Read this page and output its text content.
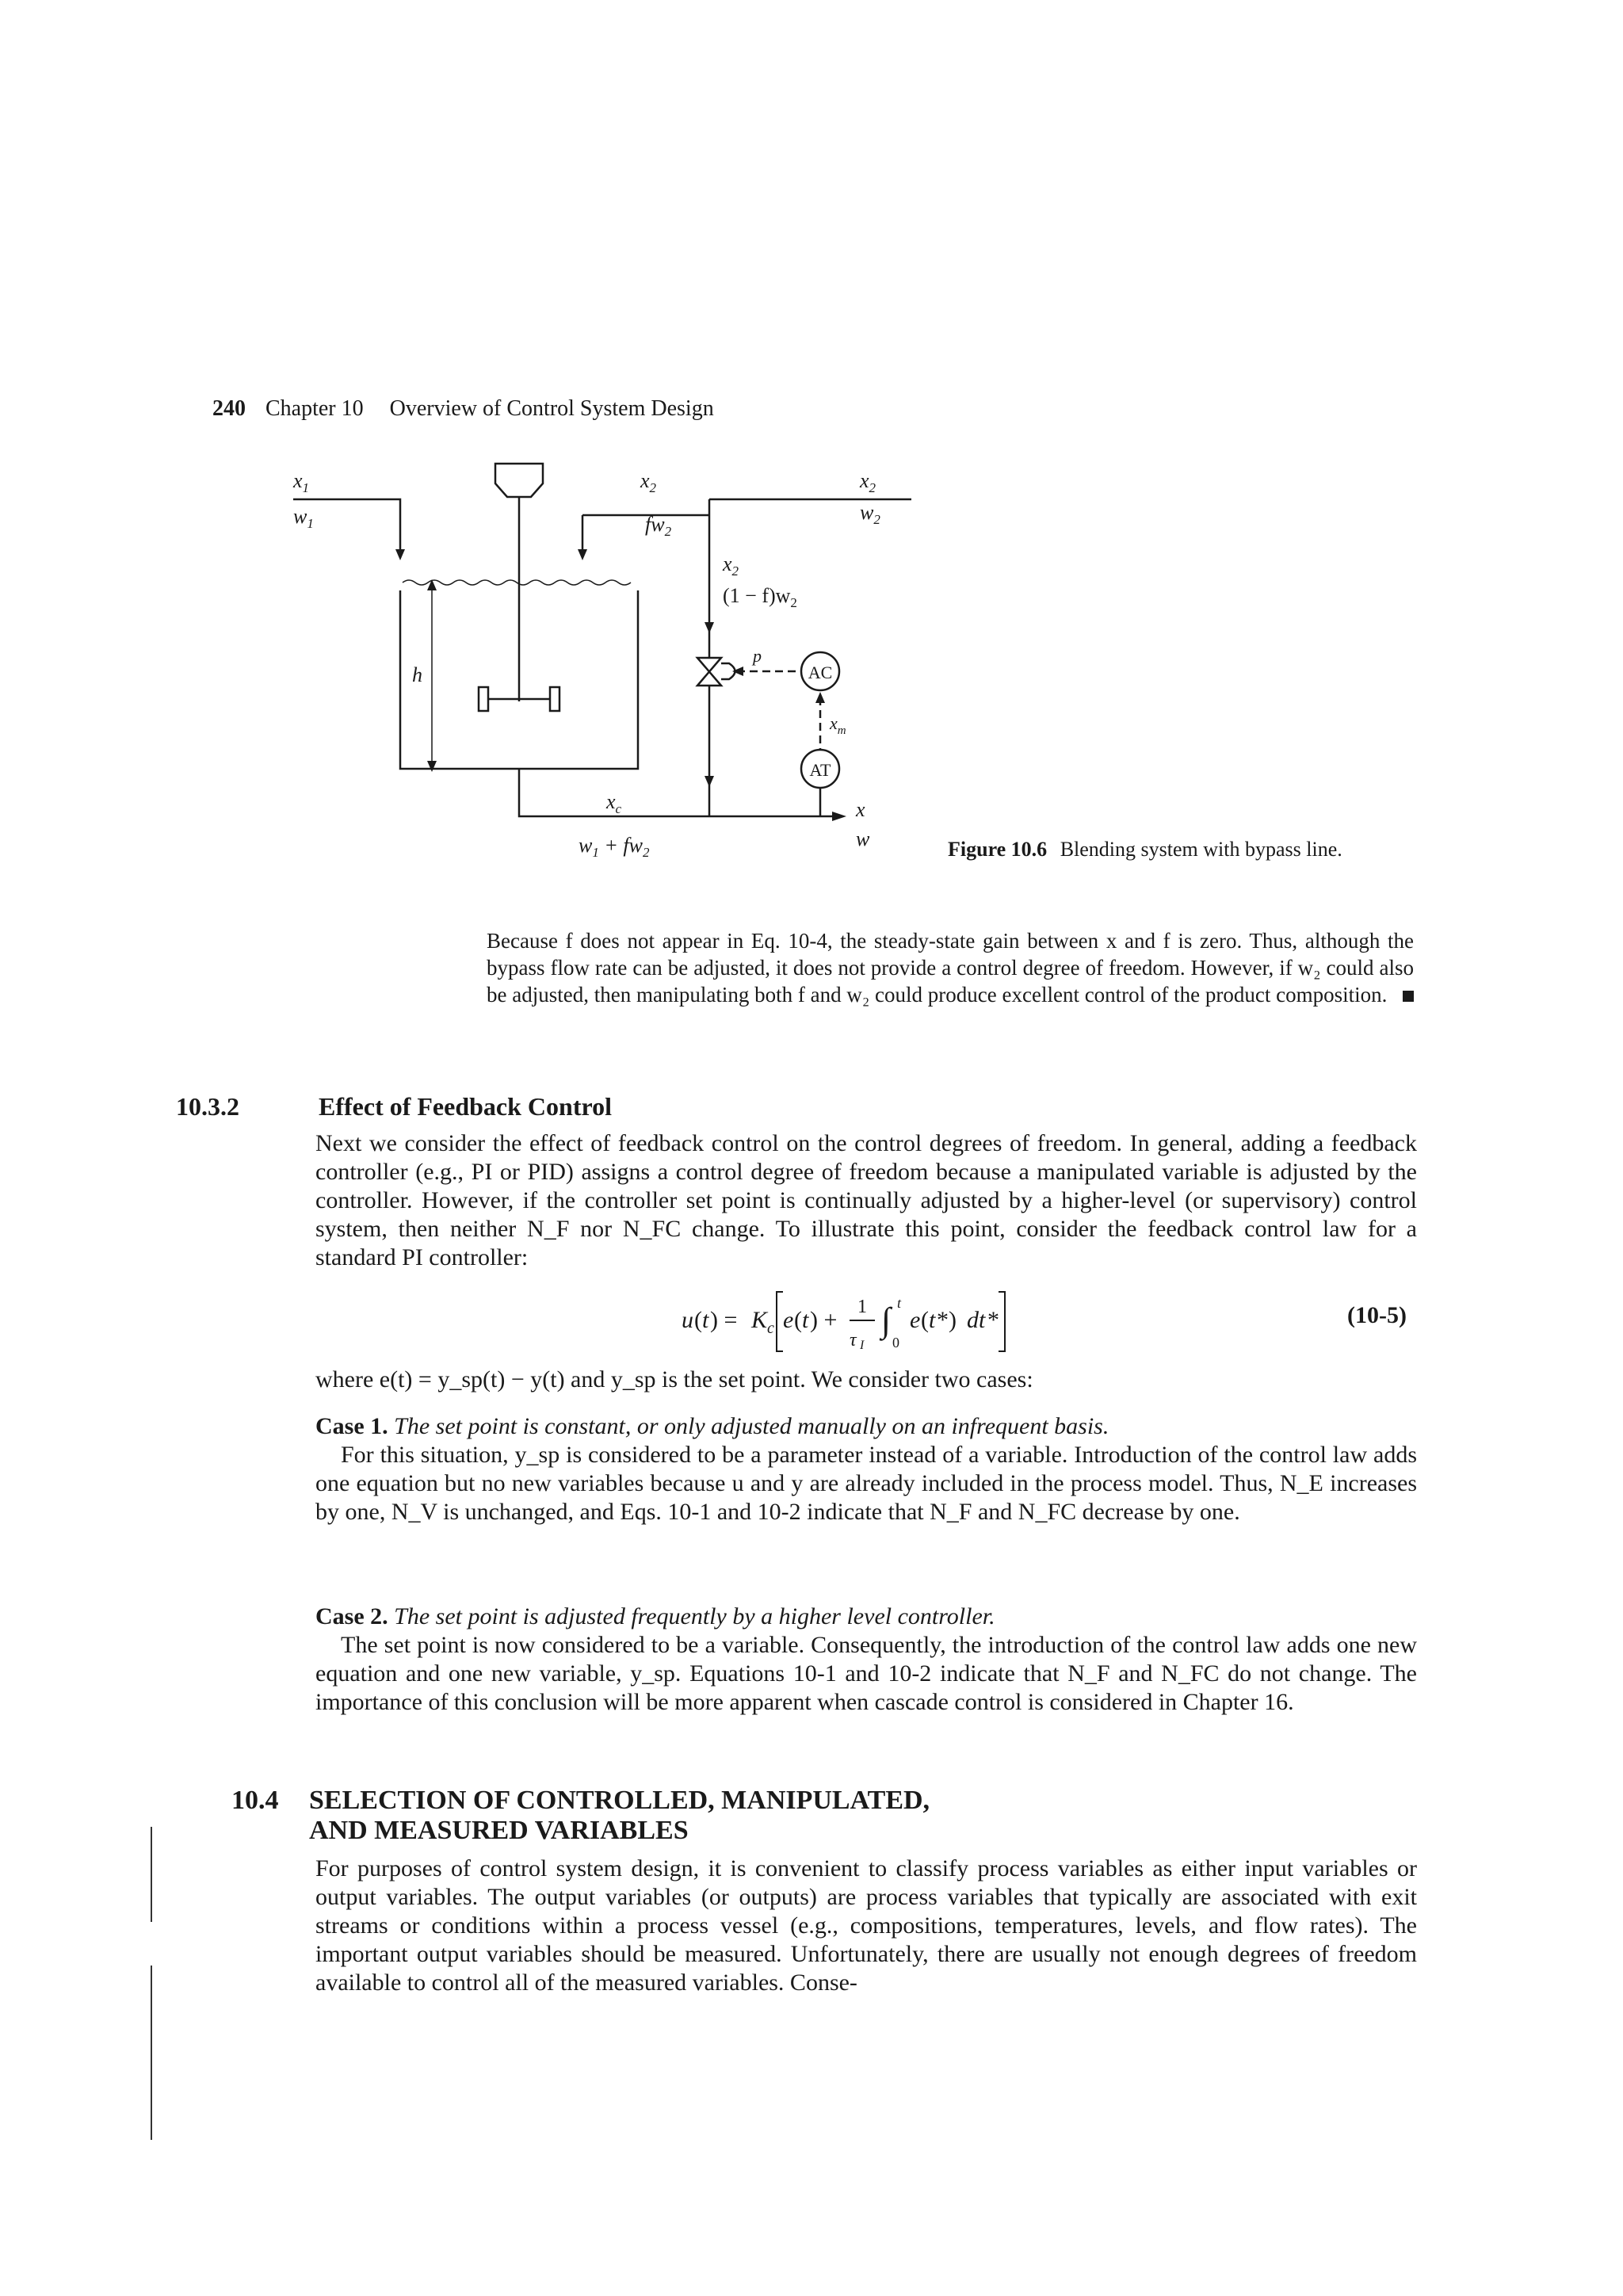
240 Chapter 10 Overview of Control System Design
$x_1$
$w_1$
$x_2$
$fw_2$
$x_2$
$w_2$
$x_2$
$(1 - f)w_2$
h
p
AC
AT
$x_m$
$x_c$
$w_1 + fw_2$
x
w	Figure 10.6 Blending system with bypass line.
Because f does not appear in Eq. 10-4, the steady-state gain between x and f is zero. Thus, although the bypass flow rate can be adjusted, it does not provide a control degree of freedom. However, if w₂ could also be adjusted, then manipulating both f and w₂ could produce excellent control of the product composition.
10.3.2	Effect of Feedback Control
Next we consider the effect of feedback control on the control degrees of freedom. In general, adding a feedback controller (e.g., PI or PID) assigns a control degree of freedom because a manipulated variable is adjusted by the controller. However, if the controller set point is continually adjusted by a higher-level (or supervisory) control system, then neither N_F nor N_FC change. To illustrate this point, consider the feedback control law for a standard PI controller:
u ( t ) = K c e ( t ) + 1
τ I
∫ t
0
e ( t *) dt *	(10-5)
where e(t) = y_sp(t) − y(t) and y_sp is the set point. We consider two cases:
Case 1. The set point is constant, or only adjusted manually on an infrequent basis.
For this situation, y_sp is considered to be a parameter instead of a variable. Introduction of the control law adds one equation but no new variables because u and y are already included in the process model. Thus, N_E increases by one, N_V is unchanged, and Eqs. 10-1 and 10-2 indicate that N_F and N_FC decrease by one.
Case 2. The set point is adjusted frequently by a higher level controller.
The set point is now considered to be a variable. Consequently, the introduction of the control law adds one new equation and one new variable, y_sp. Equations 10-1 and 10-2 indicate that N_F and N_FC do not change. The importance of this conclusion will be more apparent when cascade control is considered in Chapter 16.
10.4 SELECTION OF CONTROLLED, MANIPULATED,
AND MEASURED VARIABLES
For purposes of control system design, it is convenient to classify process variables as either input variables or output variables. The output variables (or outputs) are process variables that typically are associated with exit streams or conditions within a process vessel (e.g., compositions, temperatures, levels, and flow rates). The important output variables should be measured. Unfortunately, there are usually not enough degrees of freedom available to control all of the measured variables. Conse-
